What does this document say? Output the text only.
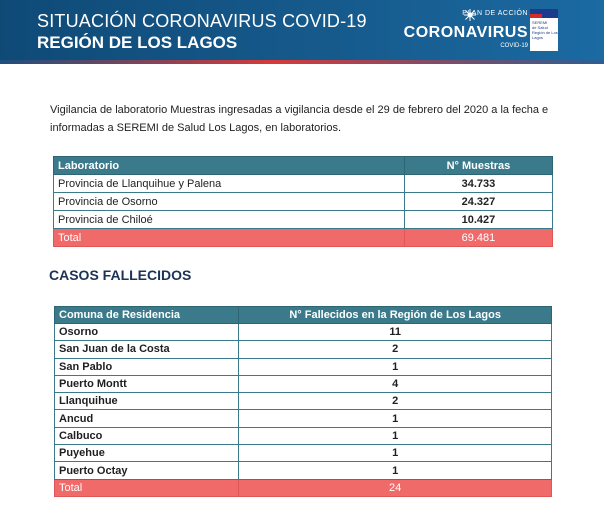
SITUACIÓN CORONAVIRUS COVID-19
REGIÓN DE LOS LAGOS
PLAN DE ACCIÓN
CORONAVIRUS
COVID-19
SEREMI
de Salud Región de Los Lagos
Vigilancia de laboratorio Muestras ingresadas a vigilancia desde el 29 de febrero del 2020 a la fecha e informadas a SEREMI de Salud Los Lagos, en laboratorios.
Laboratorio	N° Muestras
Provincia de Llanquihue y Palena	34.733
Provincia de Osorno	24.327
Provincia de Chiloé	10.427
Total	69.481
CASOS FALLECIDOS
Comuna de Residencia	N° Fallecidos en la Región de Los Lagos
Osorno	11
San Juan de la Costa	2
San Pablo	1
Puerto Montt	4
Llanquihue	2
Ancud	1
Calbuco	1
Puyehue	1
Puerto Octay	1
Total	24
